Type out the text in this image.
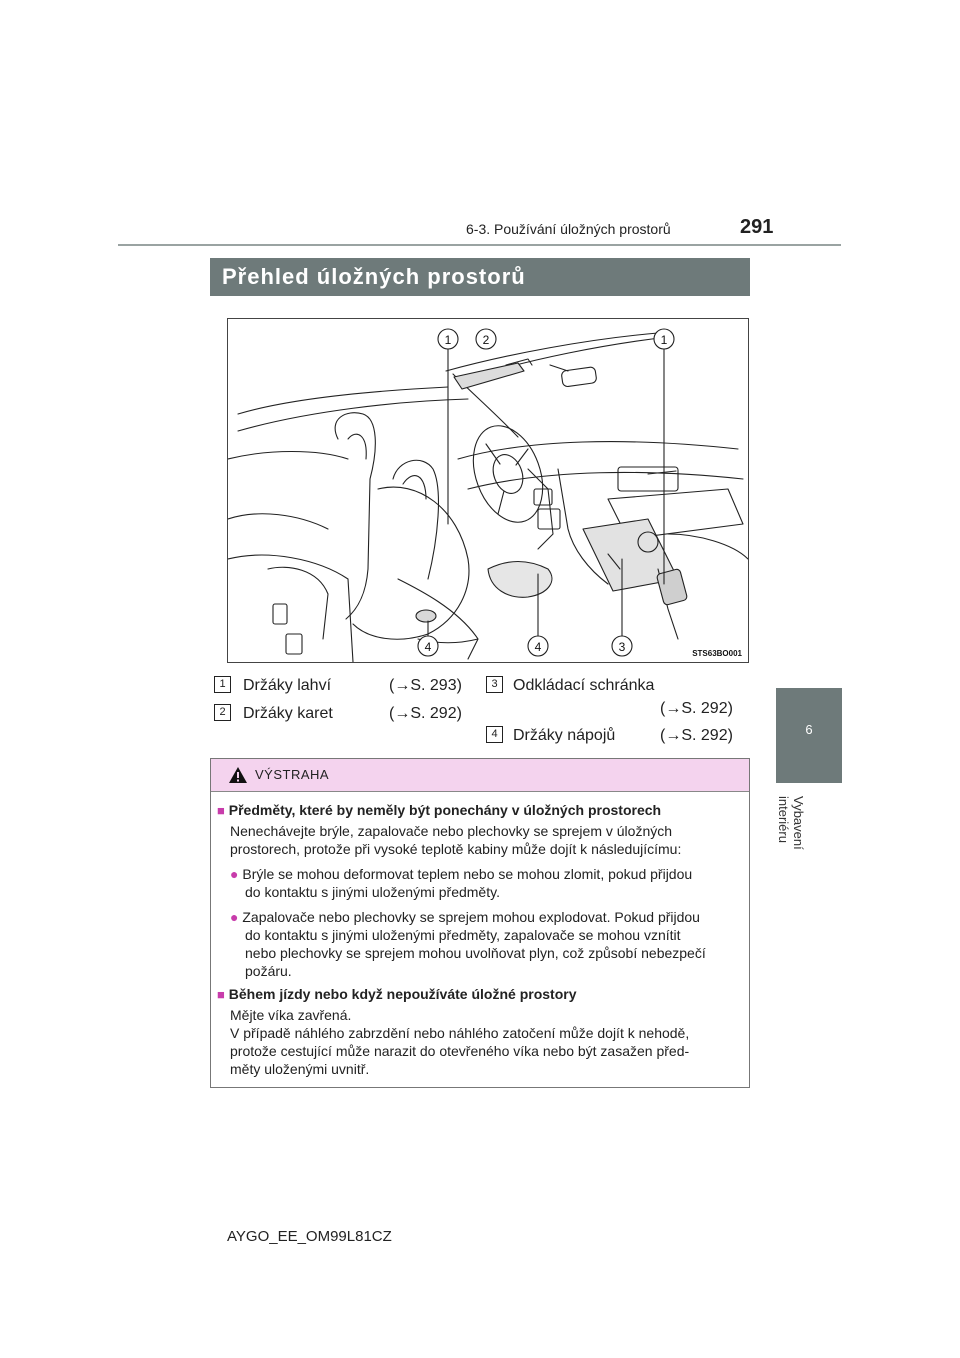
6-3. Používání úložných prostorů	291
6
Vybavení interiéru
Přehled úložných prostorů
1	2	1
4	4	3	STS63BO001
1	Držáky lahví	(→S. 293)
2	Držáky karet	(→S. 292)
3 Odkládací schránka
(→S. 292)
4 Držáky nápojů	(→S. 292)
VÝSTRAHA
■ Předměty, které by neměly být ponechány v úložných prostorech
Nenechávejte brýle, zapalovače nebo plechovky se sprejem v úložných
prostorech, protože při vysoké teplotě kabiny může dojít k následujícímu:
● Brýle se mohou deformovat teplem nebo se mohou zlomit, pokud přijdou
do kontaktu s jinými uloženými předměty.
● Zapalovače nebo plechovky se sprejem mohou explodovat. Pokud přijdou
do kontaktu s jinými uloženými předměty, zapalovače se mohou vznítit
nebo plechovky se sprejem mohou uvolňovat plyn, což způsobí nebezpečí
požáru.
■ Během jízdy nebo když nepoužíváte úložné prostory
Mějte víka zavřená.
V případě náhlého zabrzdění nebo náhlého zatočení může dojít k nehodě,
protože cestující může narazit do otevřeného víka nebo být zasažen před-
měty uloženými uvnitř.
AYGO_EE_OM99L81CZ
